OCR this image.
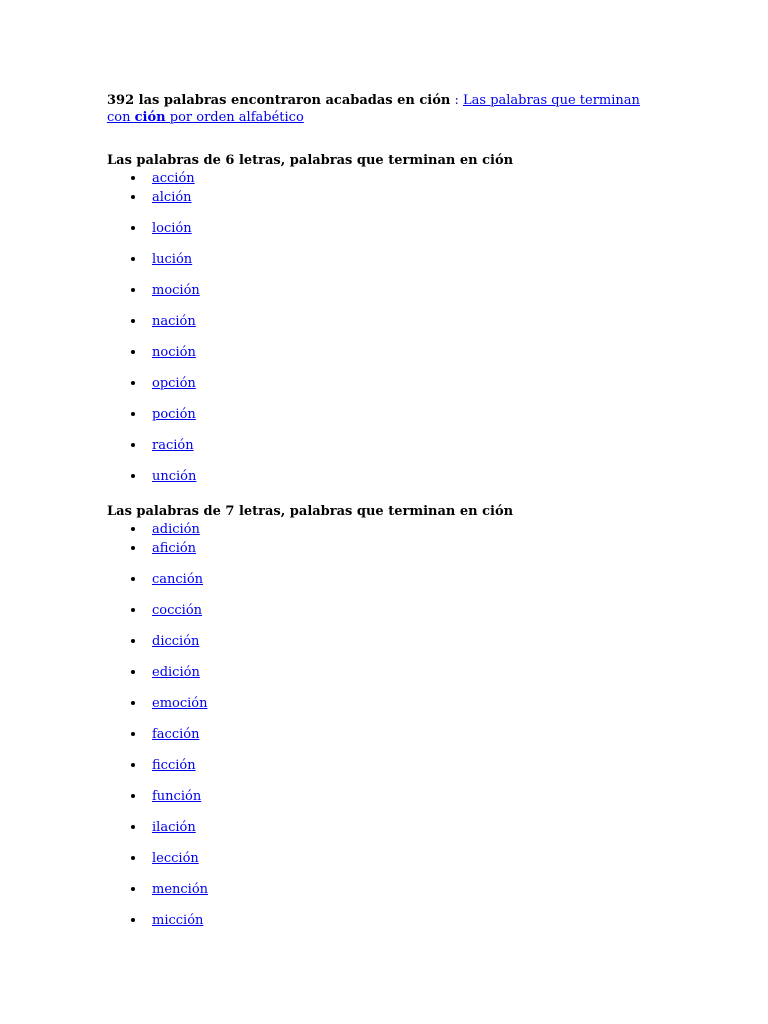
392 las palabras encontraron acabadas en ción : Las palabras que terminan con ción por orden alfabético

Las palabras de 6 letras, palabras que terminan en ción
acción
alción
loción
lución
moción
nación
noción
opción
poción
ración
unción
Las palabras de 7 letras, palabras que terminan en ción
adición
afición
canción
cocción
dicción
edición
emoción
facción
ficción
función
ilación
lección
mención
micción
